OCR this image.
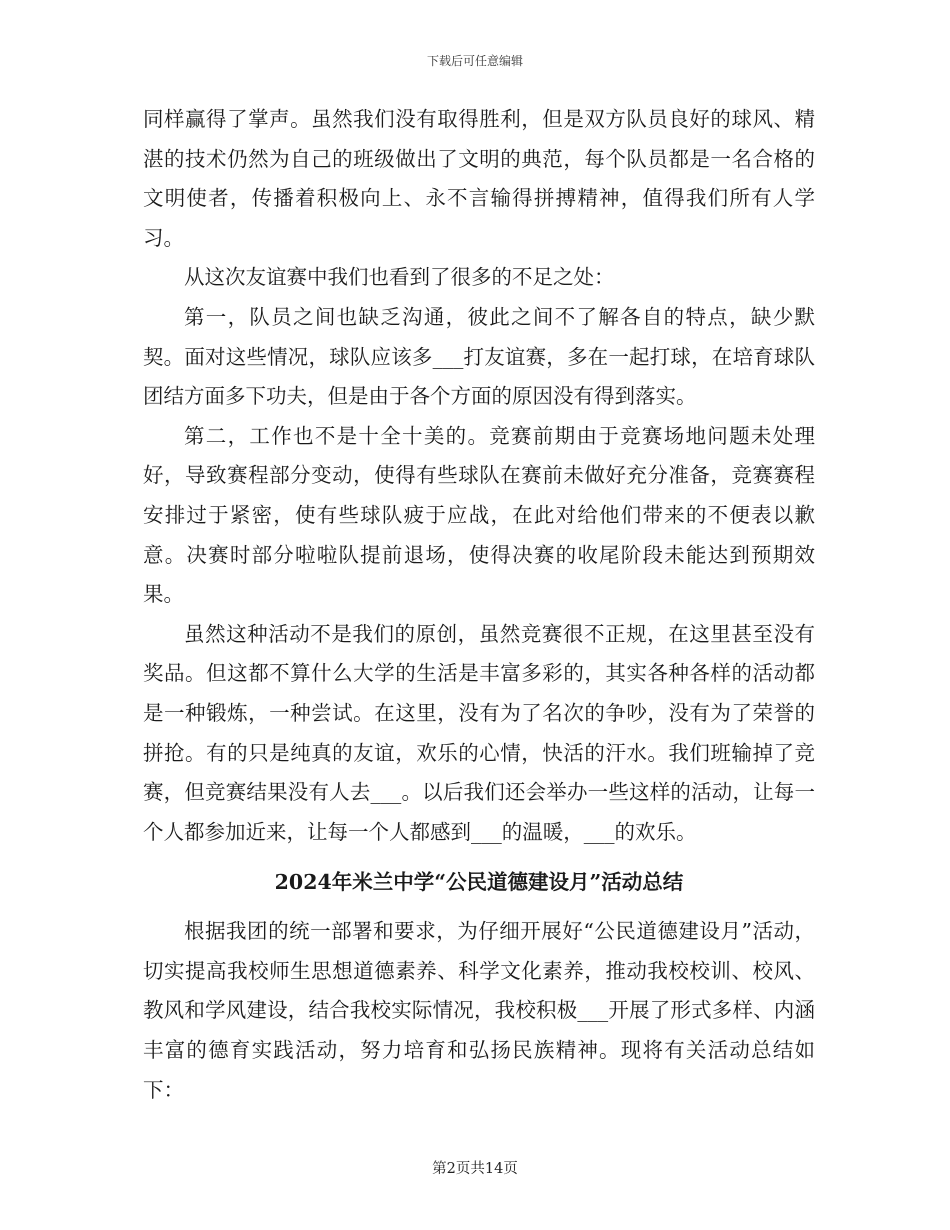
下载后可任意编辑

同样赢得了掌声。虽然我们没有取得胜利，但是双方队员良好的球风、精湛的技术仍然为自己的班级做出了文明的典范，每个队员都是一名合格的文明使者，传播着积极向上、永不言输得拼搏精神，值得我们所有人学习。

从这次友谊赛中我们也看到了很多的不足之处：

第一，队员之间也缺乏沟通，彼此之间不了解各自的特点，缺少默契。面对这些情况，球队应该多___打友谊赛，多在一起打球，在培育球队团结方面多下功夫，但是由于各个方面的原因没有得到落实。

第二，工作也不是十全十美的。竞赛前期由于竞赛场地问题未处理好，导致赛程部分变动，使得有些球队在赛前未做好充分准备，竞赛赛程安排过于紧密，使有些球队疲于应战，在此对给他们带来的不便表以歉意。决赛时部分啦啦队提前退场，使得决赛的收尾阶段未能达到预期效果。

虽然这种活动不是我们的原创，虽然竞赛很不正规，在这里甚至没有奖品。但这都不算什么大学的生活是丰富多彩的，其实各种各样的活动都是一种锻炼，一种尝试。在这里，没有为了名次的争吵，没有为了荣誉的拼抢。有的只是纯真的友谊，欢乐的心情，快活的汗水。我们班输掉了竞赛，但竞赛结果没有人去___。以后我们还会举办一些这样的活动，让每一个人都参加近来，让每一个人都感到___的温暖，___的欢乐。

2024年米兰中学“公民道德建设月”活动总结

根据我团的统一部署和要求，为仔细开展好“公民道德建设月”活动，切实提高我校师生思想道德素养、科学文化素养，推动我校校训、校风、教风和学风建设，结合我校实际情况，我校积极___开展了形式多样、内涵丰富的德育实践活动，努力培育和弘扬民族精神。现将有关活动总结如下：

第2页共14页
